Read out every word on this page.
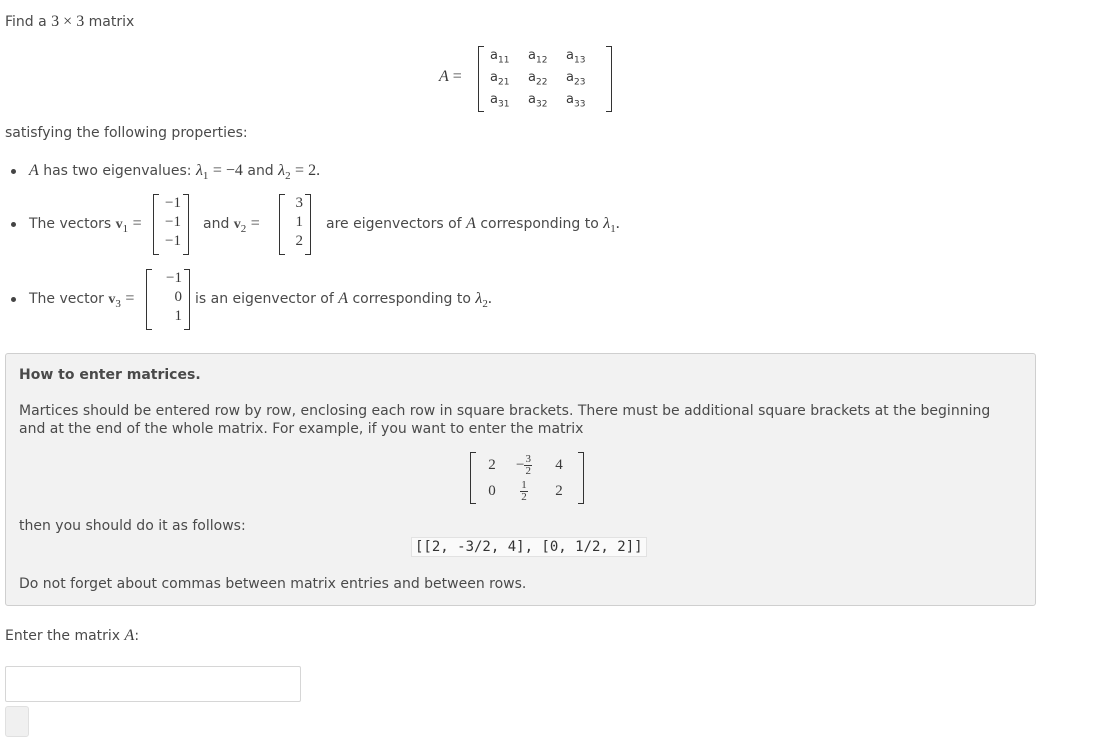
Find a 3 × 3 matrix
A =
$a_{11}$	$a_{12}$	$a_{13}$
$a_{21}$	$a_{22}$	$a_{23}$
$a_{31}$	$a_{32}$	$a_{33}$
satisfying the following properties:
A has two eigenvalues: $\lambda_1 = -4$ and $\lambda_2 = 2$.
The vectors $v_1$ =
−1
−1
−1
and $v_2$ =
3
1
2
are eigenvectors of A corresponding to $\lambda_1$.
The vector $v_3$ =
−1
0
1
is an eigenvector of A corresponding to $\lambda_2$.
How to enter matrices.
Martices should be entered row by row, enclosing each row in square brackets. There must be additional square brackets at the beginning and at the end of the whole matrix. For example, if you want to enter the matrix
2	− $\frac{3}{2}$	4
0	$\frac{1}{2}$	2
then you should do it as follows:
[[2, -3/2, 4], [0, 1/2, 2]]
Do not forget about commas between matrix entries and between rows.
Enter the matrix A:
